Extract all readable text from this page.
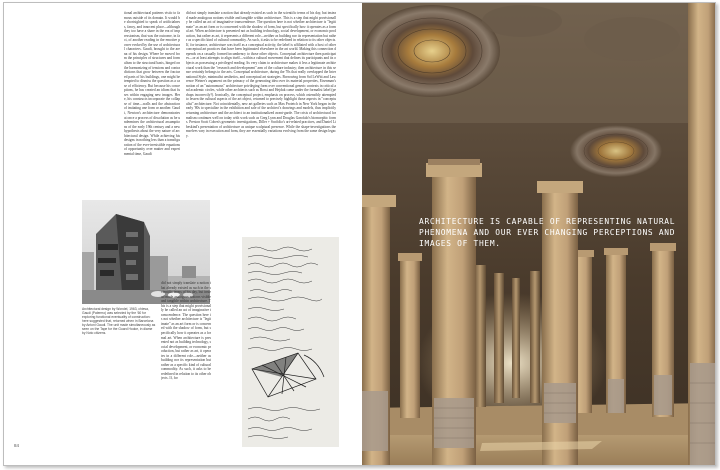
tional architectural patterns vistic to famous outside of its domain. It would be shortsighted to speak of artificialness, fancy, and innocent place—although they too have a share in the era of impressionism, that was the outcome, in fact, of another reading in the emotive power evoked by the use of architectural characters. Gaudi, brought to the arena of his design. Where he moved from the principles of structures and formalism to the structural basis, hinged on the harmonizing of tensions and contradictions that grow between the fractured parts of his buildings, one might be tempted to dismiss the question as a case of efficiency. But because his conceptions, he has created an idiom that fuses within engaging new images. Here, his constructs incorporate the collapse of time—walls and the abstraction of imitating one form or another. Gaudi, Newton's architecture demonstrates at once a process of dissolution as he undermines the architectural assumptions of the early 19th century and a new hypothesis about the very nature of architectural design. While achieving his designs in nothing less than a transfiguration of the ever-irresistible equations of opportunity over matter and experimental time, Gaudi
did not simply translate a notion that already existed as such in the scientific terms of his day, but instead made analogous notions visible and tangible within architecture. This is a step that might provisionally be called an act of imaginative transcendence. The question here is not whether architecture is "legitimate" as an art form or is concerned with the shadow of form, but specifically how it operates as a formal art. When architecture is presented not as building technology, social development, or economic production, but rather as art, it represents a different role—neither as building nor its representation but rather as a specific kind of cultural commodity. As such, it asks to be redefined in relation to its other objects. If, for instance, architecture was itself as a conceptual activity, the label is affiliated with a host of other conceptual art practices that have been legitimated elsewhere in the art world. Making this connection depends on a casually formed incumbency to those other objects. Conceptual architecture then participates—or at least attempts to align itself—within a cultural movement that defines its participants and its objects as possessing a privileged reading. Its very claim to architecture makes it less a legitimate architectural work than the "research and development" arm of the culture industry; then architecture in this sense certainly belongs to the arts. Conceptual architecture, during the 70s that really overlapped the International Style, minimalist aesthetics, and conceptual art strategies. Borrowing from Sol LeWitt and Lawrence Weiner's argument on the primacy of the generating idea over its material properties, Eisenman's notion of an "autonomous" architecture privileging form over conventional generic contexts in critical and academic circles, while other architects such as Rossi and Hejduk came under the formalist label (perhaps incorrectly?). Ironically, the conceptual project, emphasis on process, which ostensibly attempted to lessen the cultural aspects of the art object, returned to precisely highlight those aspects in "conceptualist" architecture. Not coincidentally, new art galleries such as Max Protetch in New York began in the early '80s to specialize in the exhibition and sale of the architect's drawings and models, thus implicitly returning architecture and the architect to an institutionalized avant-garde. The crisis of architectural formalism continues well on today with work such as Greg Lynn and Douglas Garofalo's biomorphic forms. Preston Scott Cohen's geometric investigations, Diller + Scofidio's art-related practices, and Daniel Libeskind's presentation of architecture as unique sculptural presence. While the shape-investigations themselves vary in execution and form, they are essentially variations evolving from the same design legacy.
Architectural design by Wondel, 1963, chiesa, Gaudi (Palermo) was selected by the '60 for exploring functional eventuality of construction: here suggested that, returned when in Barcelona by Antoni Gaudi. The unit made simultaneously as seen on the Tape for the Guard Hooke, in diame by Noto citizens.
did not simply translate a notion that already existed as such in the scientific terms of his day, but instead made analogous notions visible and tangible within architecture. This is a step that might provisionally be called an act of imaginative transcendence. The question here is not whether architecture is "legitimate" as an art form or is concerned with the shadow of form, but specifically how it operates as a formal art. When architecture is presented not as building technology, social development, or economic production, but rather as art, it operates in a different role—neither as building nor its representation but rather as a specific kind of cultural commodity. As such, it asks to be redefined in relation to its other objects. If, for
84
ARCHITECTURE IS CAPABLE OF REPRESENTING NATURAL PHENOMENA AND OUR EVER CHANGING PERCEPTIONS AND IMAGES OF THEM.
